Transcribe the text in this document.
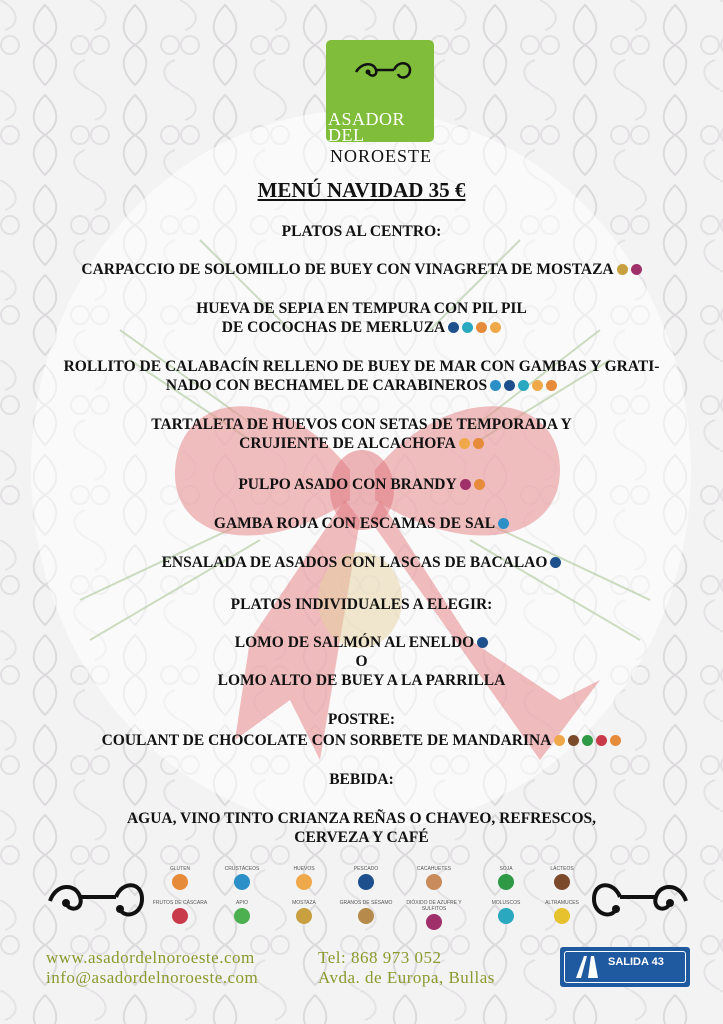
ASADOR
DEL
NOROESTE
MENÚ NAVIDAD 35 €
PLATOS AL CENTRO:
CARPACCIO DE SOLOMILLO DE BUEY CON VINAGRETA DE MOSTAZA
HUEVA DE SEPIA EN TEMPURA CON PIL PIL
DE COCOCHAS DE MERLUZA
ROLLITO DE CALABACÍN RELLENO DE BUEY DE MAR CON GAMBAS Y GRATI-
NADO CON BECHAMEL DE CARABINEROS
TARTALETA DE HUEVOS CON SETAS DE TEMPORADA Y
CRUJIENTE DE ALCACHOFA
PULPO ASADO CON BRANDY
GAMBA ROJA CON ESCAMAS DE SAL
ENSALADA DE ASADOS CON LASCAS DE BACALAO
PLATOS INDIVIDUALES A ELEGIR:
LOMO DE SALMÓN AL ENELDO
O
LOMO ALTO DE BUEY A LA PARRILLA
POSTRE:
COULANT DE CHOCOLATE CON SORBETE DE MANDARINA
BEBIDA:
AGUA, VINO TINTO CRIANZA REÑAS O CHAVEO, REFRESCOS,
CERVEZA Y CAFÉ
GLUTEN	CRUSTÁCEOS	HUEVOS	PESCADO	CACAHUETES	SOJA	LÁCTEOS
FRUTOS DE CÁSCARA	APIO	MOSTAZA	GRANOS DE SÉSAMO	DIÓXIDO DE AZUFRE Y SULFITOS
MOLUSCOS	ALTRAMUCES
www.asadordelnoroeste.com
info@asadordelnoroeste.com
Tel: 868 973 052
Avda. de Europa, Bullas
SALIDA 43
